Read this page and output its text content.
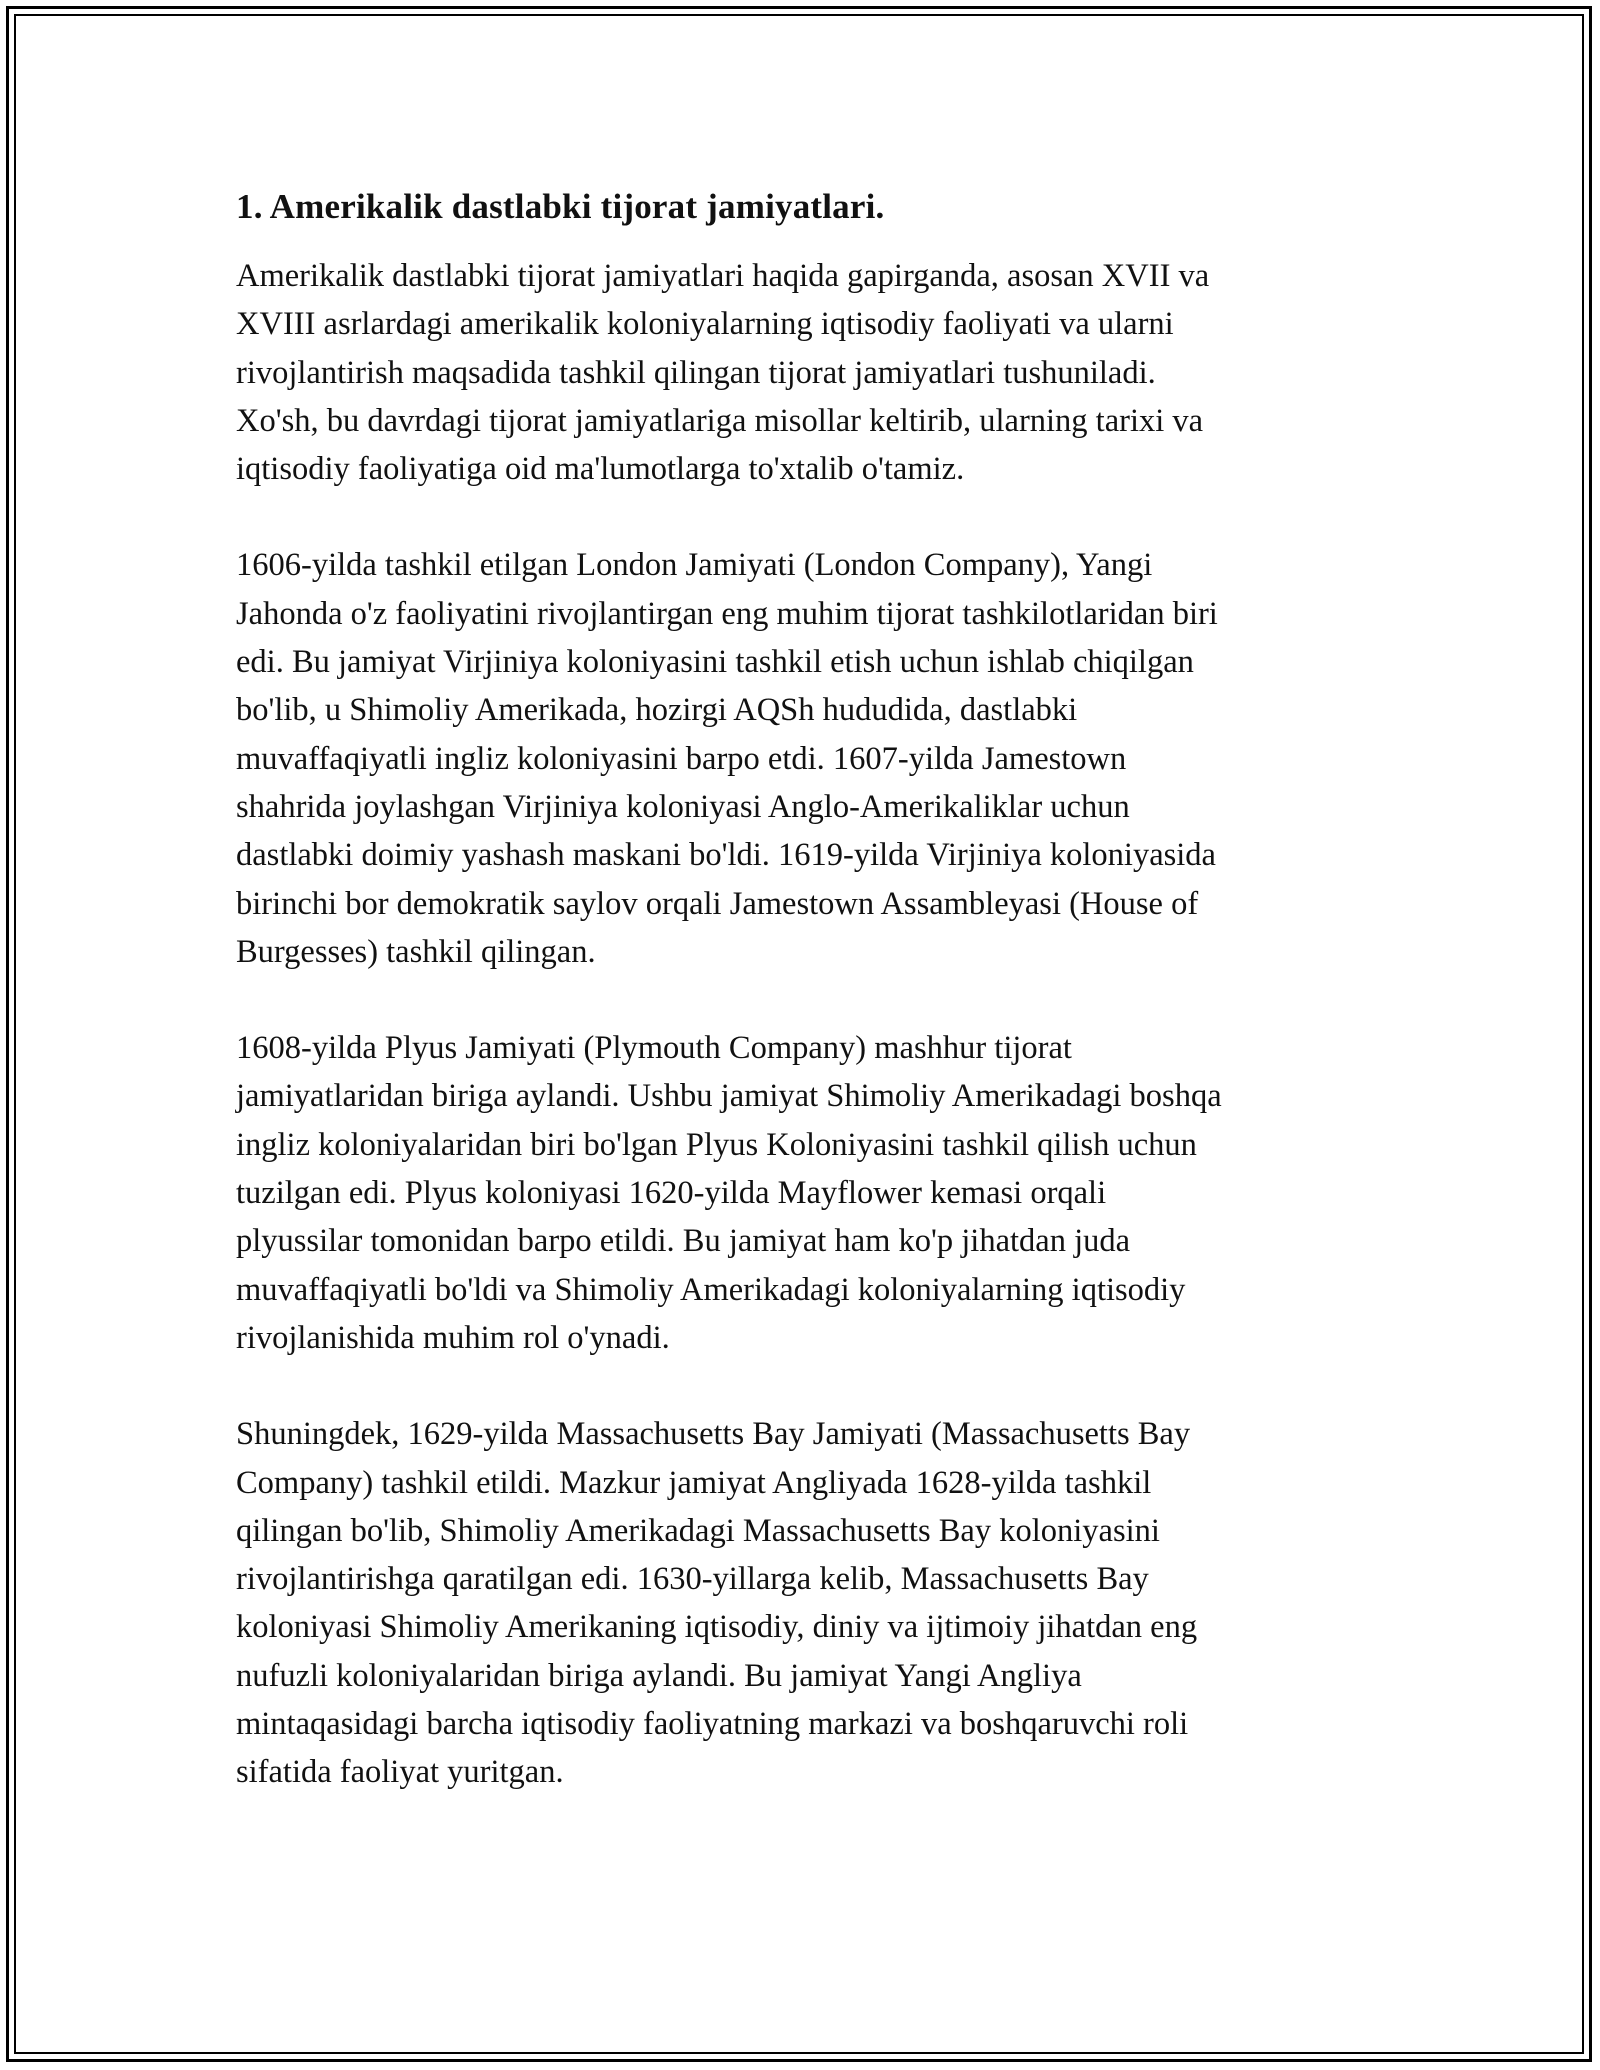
1. Amerikalik dastlabki tijorat jamiyatlari.
Amerikalik dastlabki tijorat jamiyatlari haqida gapirganda, asosan XVII va
XVIII asrlardagi amerikalik koloniyalarning iqtisodiy faoliyati va ularni
rivojlantirish maqsadida tashkil qilingan tijorat jamiyatlari tushuniladi.
Xo'sh, bu davrdagi tijorat jamiyatlariga misollar keltirib, ularning tarixi va
iqtisodiy faoliyatiga oid ma'lumotlarga to'xtalib o'tamiz.
1606-yilda tashkil etilgan London Jamiyati (London Company), Yangi
Jahonda o'z faoliyatini rivojlantirgan eng muhim tijorat tashkilotlaridan biri
edi. Bu jamiyat Virjiniya koloniyasini tashkil etish uchun ishlab chiqilgan
bo'lib, u Shimoliy Amerikada, hozirgi AQSh hududida, dastlabki
muvaffaqiyatli ingliz koloniyasini barpo etdi. 1607-yilda Jamestown
shahrida joylashgan Virjiniya koloniyasi Anglo-Amerikaliklar uchun
dastlabki doimiy yashash maskani bo'ldi. 1619-yilda Virjiniya koloniyasida
birinchi bor demokratik saylov orqali Jamestown Assambleyasi (House of
Burgesses) tashkil qilingan.
1608-yilda Plyus Jamiyati (Plymouth Company) mashhur tijorat
jamiyatlaridan biriga aylandi. Ushbu jamiyat Shimoliy Amerikadagi boshqa
ingliz koloniyalaridan biri bo'lgan Plyus Koloniyasini tashkil qilish uchun
tuzilgan edi. Plyus koloniyasi 1620-yilda Mayflower kemasi orqali
plyussilar tomonidan barpo etildi. Bu jamiyat ham ko'p jihatdan juda
muvaffaqiyatli bo'ldi va Shimoliy Amerikadagi koloniyalarning iqtisodiy
rivojlanishida muhim rol o'ynadi.
Shuningdek, 1629-yilda Massachusetts Bay Jamiyati (Massachusetts Bay
Company) tashkil etildi. Mazkur jamiyat Angliyada 1628-yilda tashkil
qilingan bo'lib, Shimoliy Amerikadagi Massachusetts Bay koloniyasini
rivojlantirishga qaratilgan edi. 1630-yillarga kelib, Massachusetts Bay
koloniyasi Shimoliy Amerikaning iqtisodiy, diniy va ijtimoiy jihatdan eng
nufuzli koloniyalaridan biriga aylandi. Bu jamiyat Yangi Angliya
mintaqasidagi barcha iqtisodiy faoliyatning markazi va boshqaruvchi roli
sifatida faoliyat yuritgan.
